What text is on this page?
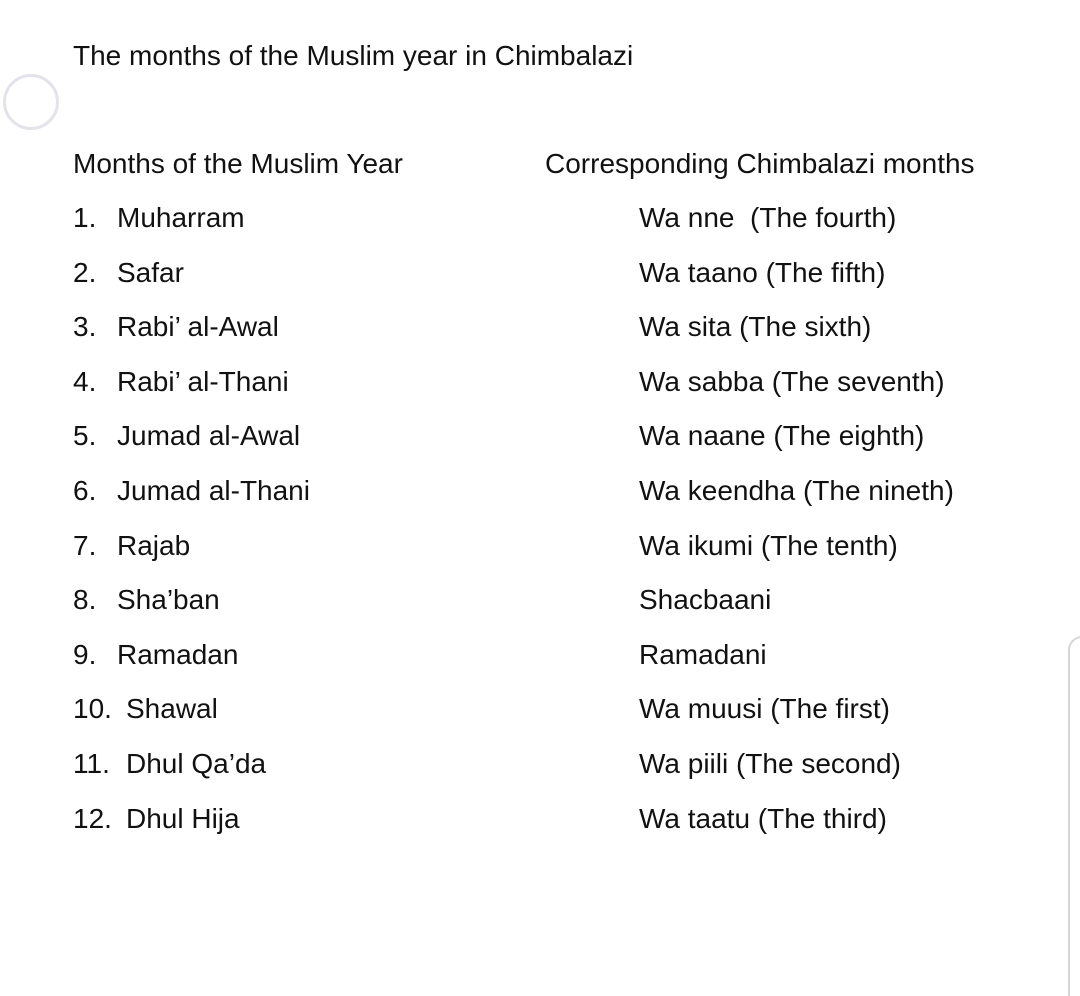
The months of the Muslim year in Chimbalazi
Months of the Muslim Year	Corresponding Chimbalazi months
1. Muharram	Wa nne  (The fourth)
2. Safar	Wa taano (The fifth)
3. Rabi’ al-Awal	Wa sita (The sixth)
4. Rabi’ al-Thani	Wa sabba (The seventh)
5. Jumad al-Awal	Wa naane (The eighth)
6. Jumad al-Thani	Wa keendha (The nineth)
7. Rajab	Wa ikumi (The tenth)
8. Sha’ban	Shacbaani
9. Ramadan	Ramadani
10. Shawal	Wa muusi (The first)
11. Dhul Qa’da	Wa piili (The second)
12. Dhul Hija	Wa taatu (The third)
